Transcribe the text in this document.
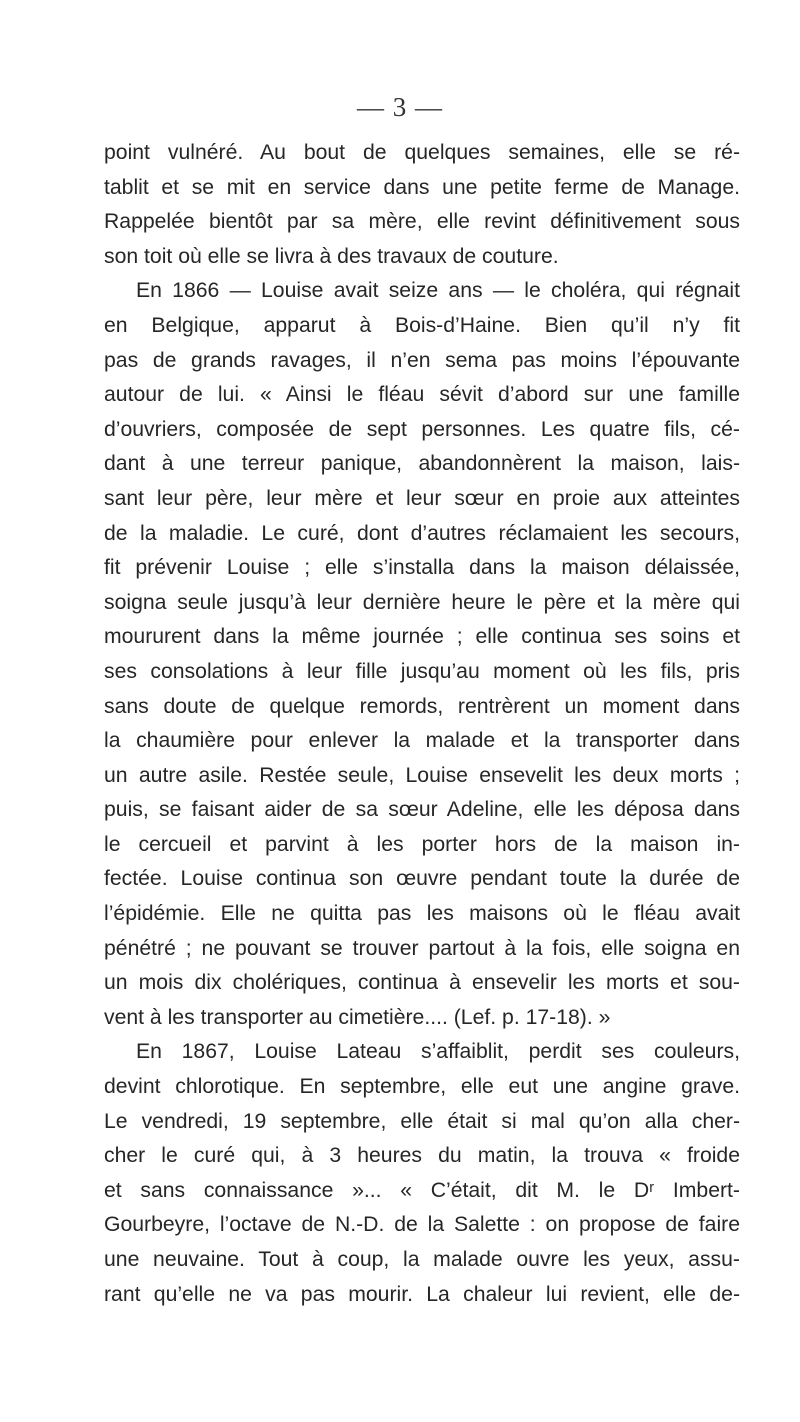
— 3 —
point vulnéré. Au bout de quelques semaines, elle se ré-
tablit et se mit en service dans une petite ferme de Manage.
Rappelée bientôt par sa mère, elle revint définitivement sous
son toit où elle se livra à des travaux de couture.
En 1866 — Louise avait seize ans — le choléra, qui régnait
en Belgique, apparut à Bois-d’Haine. Bien qu’il n’y fit
pas de grands ravages, il n’en sema pas moins l’épouvante
autour de lui. « Ainsi le fléau sévit d’abord sur une famille
d’ouvriers, composée de sept personnes. Les quatre fils, cé-
dant à une terreur panique, abandonnèrent la maison, lais-
sant leur père, leur mère et leur sœur en proie aux atteintes
de la maladie. Le curé, dont d’autres réclamaient les secours,
fit prévenir Louise ; elle s’installa dans la maison délaissée,
soigna seule jusqu’à leur dernière heure le père et la mère qui
moururent dans la même journée ; elle continua ses soins et
ses consolations à leur fille jusqu’au moment où les fils, pris
sans doute de quelque remords, rentrèrent un moment dans
la chaumière pour enlever la malade et la transporter dans
un autre asile. Restée seule, Louise ensevelit les deux morts ;
puis, se faisant aider de sa sœur Adeline, elle les déposa dans
le cercueil et parvint à les porter hors de la maison in-
fectée. Louise continua son œuvre pendant toute la durée de
l’épidémie. Elle ne quitta pas les maisons où le fléau avait
pénétré ; ne pouvant se trouver partout à la fois, elle soigna en
un mois dix cholériques, continua à ensevelir les morts et sou-
vent à les transporter au cimetière.... (Lef. p. 17-18). »
En 1867, Louise Lateau s’affaiblit, perdit ses couleurs,
devint chlorotique. En septembre, elle eut une angine grave.
Le vendredi, 19 septembre, elle était si mal qu’on alla cher-
cher le curé qui, à 3 heures du matin, la trouva « froide
et sans connaissance »... « C’était, dit M. le Dʳ Imbert-
Gourbeyre, l’octave de N.-D. de la Salette : on propose de faire
une neuvaine. Tout à coup, la malade ouvre les yeux, assu-
rant qu’elle ne va pas mourir. La chaleur lui revient, elle de-
